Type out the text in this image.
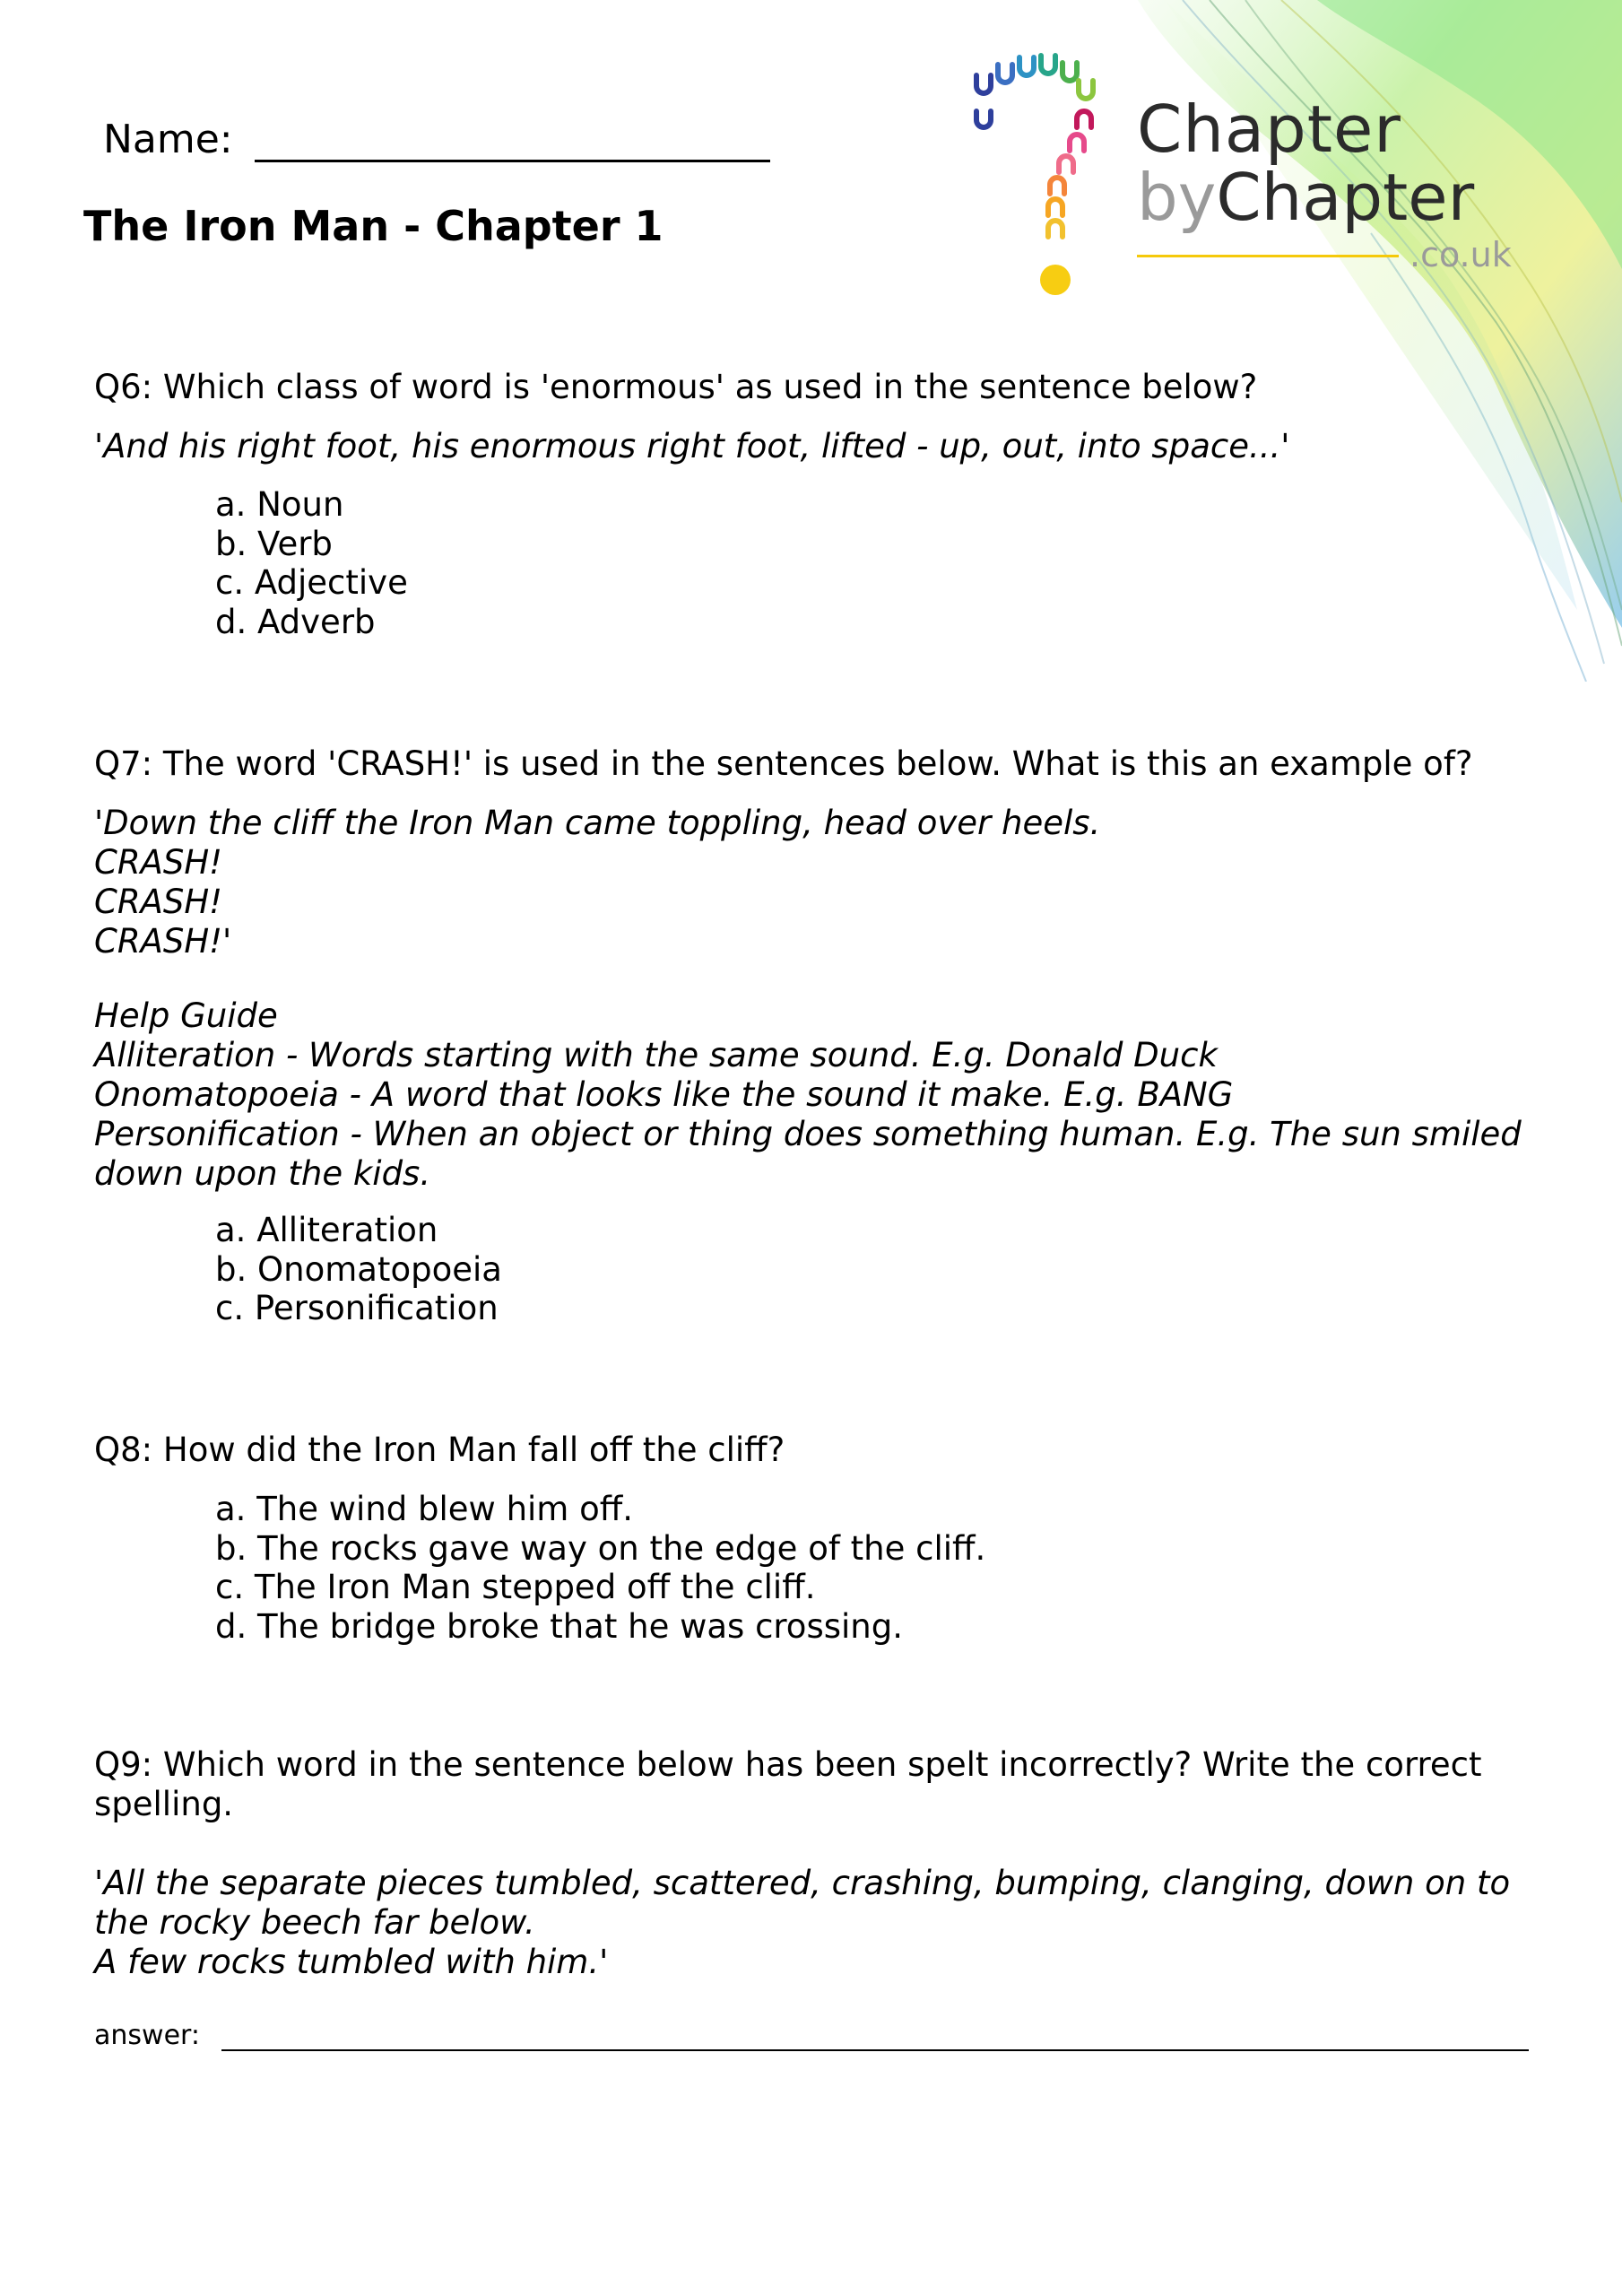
Chapter
byChapter
.co.uk
Name:
The Iron Man - Chapter 1
Q6: Which class of word is 'enormous' as used in the sentence below?
'And his right foot, his enormous right foot, lifted - up, out, into space...'
a. Noun
b. Verb
c. Adjective
d. Adverb
Q7: The word 'CRASH!' is used in the sentences below. What is this an example of?
'Down the cliff the Iron Man came toppling, head over heels.
CRASH!
CRASH!
CRASH!'
Help Guide
Alliteration - Words starting with the same sound. E.g. Donald Duck
Onomatopoeia - A word that looks like the sound it make. E.g. BANG
Personification - When an object or thing does something human. E.g. The sun smiled down upon the kids.
a. Alliteration
b. Onomatopoeia
c. Personification
Q8: How did the Iron Man fall off the cliff?
a. The wind blew him off.
b. The rocks gave way on the edge of the cliff.
c. The Iron Man stepped off the cliff.
d. The bridge broke that he was crossing.
Q9: Which word in the sentence below has been spelt incorrectly? Write the correct spelling.
'All the separate pieces tumbled, scattered, crashing, bumping, clanging, down on to the rocky beech far below.
A few rocks tumbled with him.'
answer:
